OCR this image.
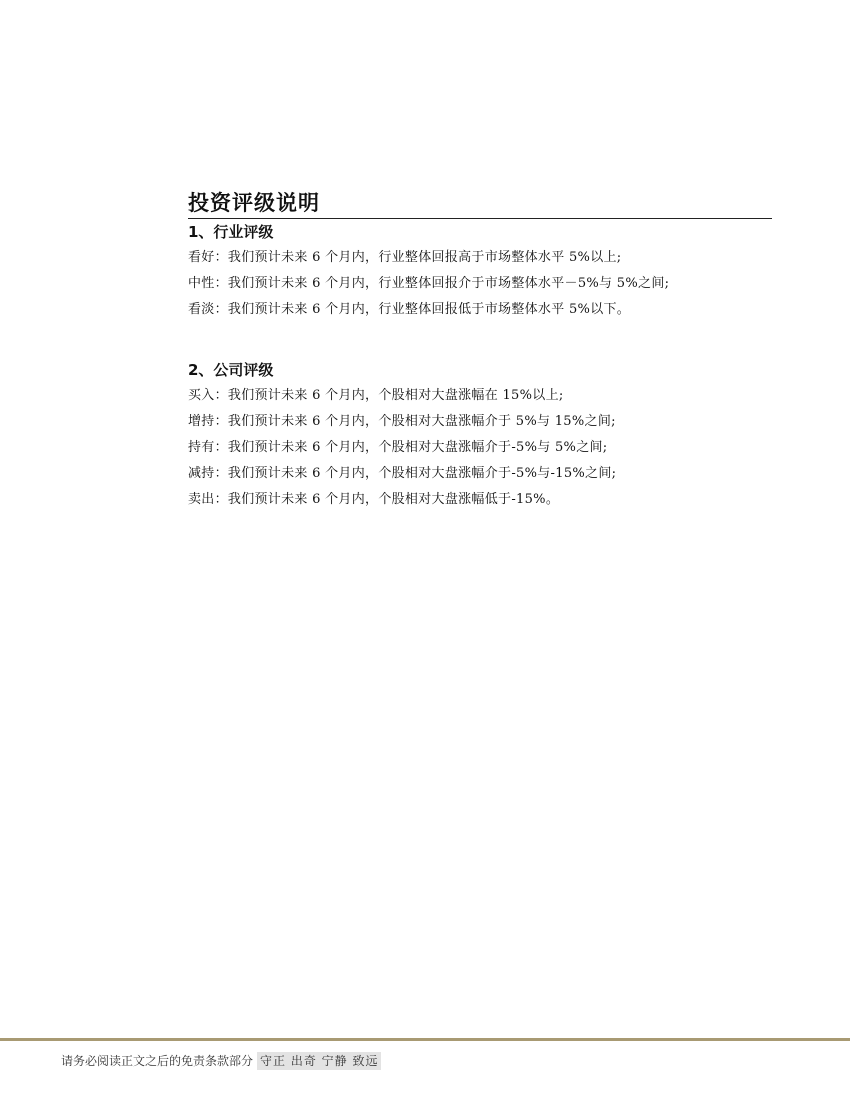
投资评级说明
1、行业评级
看好：我们预计未来 6 个月内，行业整体回报高于市场整体水平 5%以上;
中性：我们预计未来 6 个月内，行业整体回报介于市场整体水平－5%与 5%之间;
看淡：我们预计未来 6 个月内，行业整体回报低于市场整体水平 5%以下。
2、公司评级
买入：我们预计未来 6 个月内，个股相对大盘涨幅在 15%以上;
增持：我们预计未来 6 个月内，个股相对大盘涨幅介于 5%与 15%之间;
持有：我们预计未来 6 个月内，个股相对大盘涨幅介于-5%与 5%之间;
减持：我们预计未来 6 个月内，个股相对大盘涨幅介于-5%与-15%之间;
卖出：我们预计未来 6 个月内，个股相对大盘涨幅低于-15%。
请务必阅读正文之后的免责条款部分 守正 出奇 宁静 致远
